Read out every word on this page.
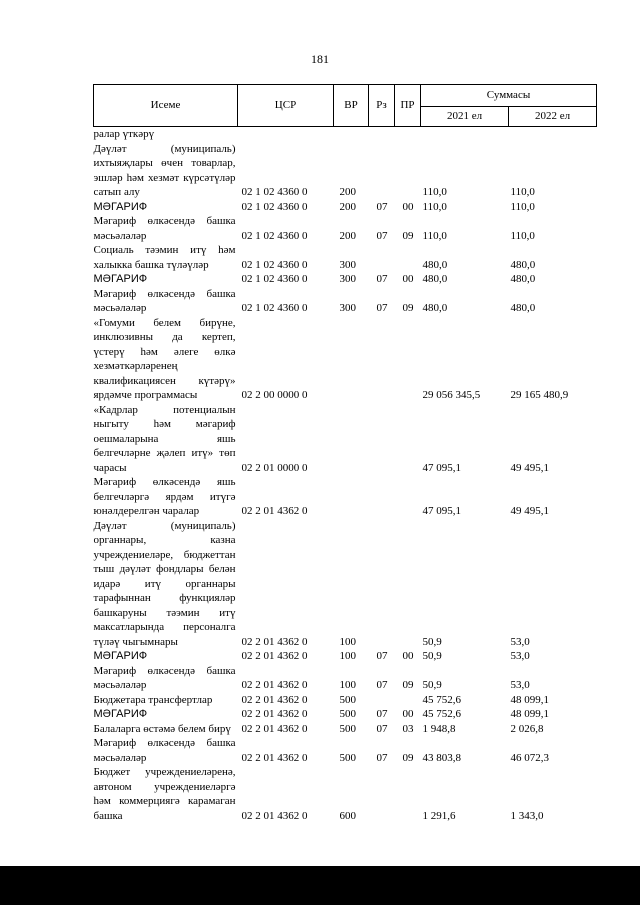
181
Исеме	ЦСР	ВР	Рз	ПР	Суммасы	
					2021 ел	2022 ел
ралар үткәрү						
Дәүләт (муниципаль) ихтыяҗлары өчен товарлар, эшләр һәм хезмәт күрсәтүләр сатып алу	02 1 02 4360 0	200			110,0	110,0
МӘГАРИФ	02 1 02 4360 0	200	07	00	110,0	110,0
Мәгариф өлкәсендә башка мәсьәләләр	02 1 02 4360 0	200	07	09	110,0	110,0
Социаль тәэмин итү һәм халыкка башка түләүләр	02 1 02 4360 0	300			480,0	480,0
МӘГАРИФ	02 1 02 4360 0	300	07	00	480,0	480,0
Мәгариф өлкәсендә башка мәсьәләләр	02 1 02 4360 0	300	07	09	480,0	480,0
«Гомуми белем бирүне, инклюзивны да кертеп, үстерү һәм әлеге өлкә хезмәткәрләренең квалификациясен күтәрү» ярдәмче программасы	02 2 00 0000 0				29 056 345,5	29 165 480,9
«Кадрлар потенциалын ныгыту һәм мәгариф оешмаларына яшь белгечләрне җәлеп итү» төп чарасы	02 2 01 0000 0				47 095,1	49 495,1
Мәгариф өлкәсендә яшь белгечләргә ярдәм итүгә юнәлдерелгән чаралар	02 2 01 4362 0				47 095,1	49 495,1
Дәүләт (муниципаль) органнары, казна учреждениеләре, бюджеттан тыш дәүләт фондлары белән идарә итү органнары тарафыннан функцияләр башкаруны тәэмин итү максатларында персоналга түләү чыгымнары	02 2 01 4362 0	100			50,9	53,0
МӘГАРИФ	02 2 01 4362 0	100	07	00	50,9	53,0
Мәгариф өлкәсендә башка мәсьәләләр	02 2 01 4362 0	100	07	09	50,9	53,0
Бюджетара трансфертлар	02 2 01 4362 0	500			45 752,6	48 099,1
МӘГАРИФ	02 2 01 4362 0	500	07	00	45 752,6	48 099,1
Балаларга өстәмә белем бирү	02 2 01 4362 0	500	07	03	1 948,8	2 026,8
Мәгариф өлкәсендә башка мәсьәләләр	02 2 01 4362 0	500	07	09	43 803,8	46 072,3
Бюджет учреждениеләренә, автоном учреждениеләргә һәм коммерциягә карамаган башка	02 2 01 4362 0	600			1 291,6	1 343,0
